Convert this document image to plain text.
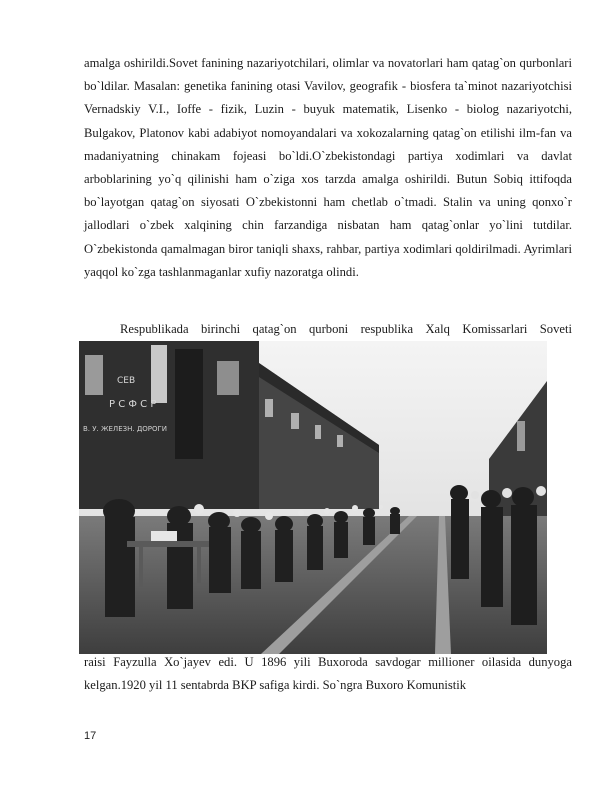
amalga oshirildi.Sovet fanining nazariyotchilari, olimlar va novatorlari ham qatag`on qurbonlari bo`ldilar. Masalan: genetika fanining otasi Vavilov, geografik - biosfera ta`minot nazariyotchisi Vernadskiy V.I., Ioffe - fizik, Luzin - buyuk matematik, Lisenko - biolog nazariyotchi, Bulgakov, Platonov kabi adabiyot nomoyandalari va xokozalarning qatag`on etilishi ilm-fan va madaniyatning chinakam fojeasi bo`ldi.O`zbekistondagi partiya xodimlari va davlat arboblarining yo`q qilinishi ham o`ziga xos tarzda amalga oshirildi. Butun Sobiq ittifoqda bo`layotgan qatag`on siyosati O`zbekistonni ham chetlab o`tmadi. Stalin va uning qonxo`r jallodlari o`zbek xalqining chin farzandiga nisbatan ham qatag`onlar yo`lini tutdilar. O`zbekistonda qamalmagan biror taniqli shaxs, rahbar, partiya xodimlari qoldirilmadi. Ayrimlari yaqqol ko`zga tashlanmaganlar xufiy nazoratga olindi.

Respublikada birinchi qatag`on qurboni respublika Xalq Komissarlari Soveti

СЕВ
Р С Ф С Р
В. У. ЖЕЛЕЗН. ДОРОГИ

raisi Fayzulla Xo`jayev edi. U 1896 yili Buxoroda savdogar millioner oilasida dunyoga kelgan.1920 yil 11 sentabrda BKP safiga kirdi. So`ngra Buxoro Komunistik

17
